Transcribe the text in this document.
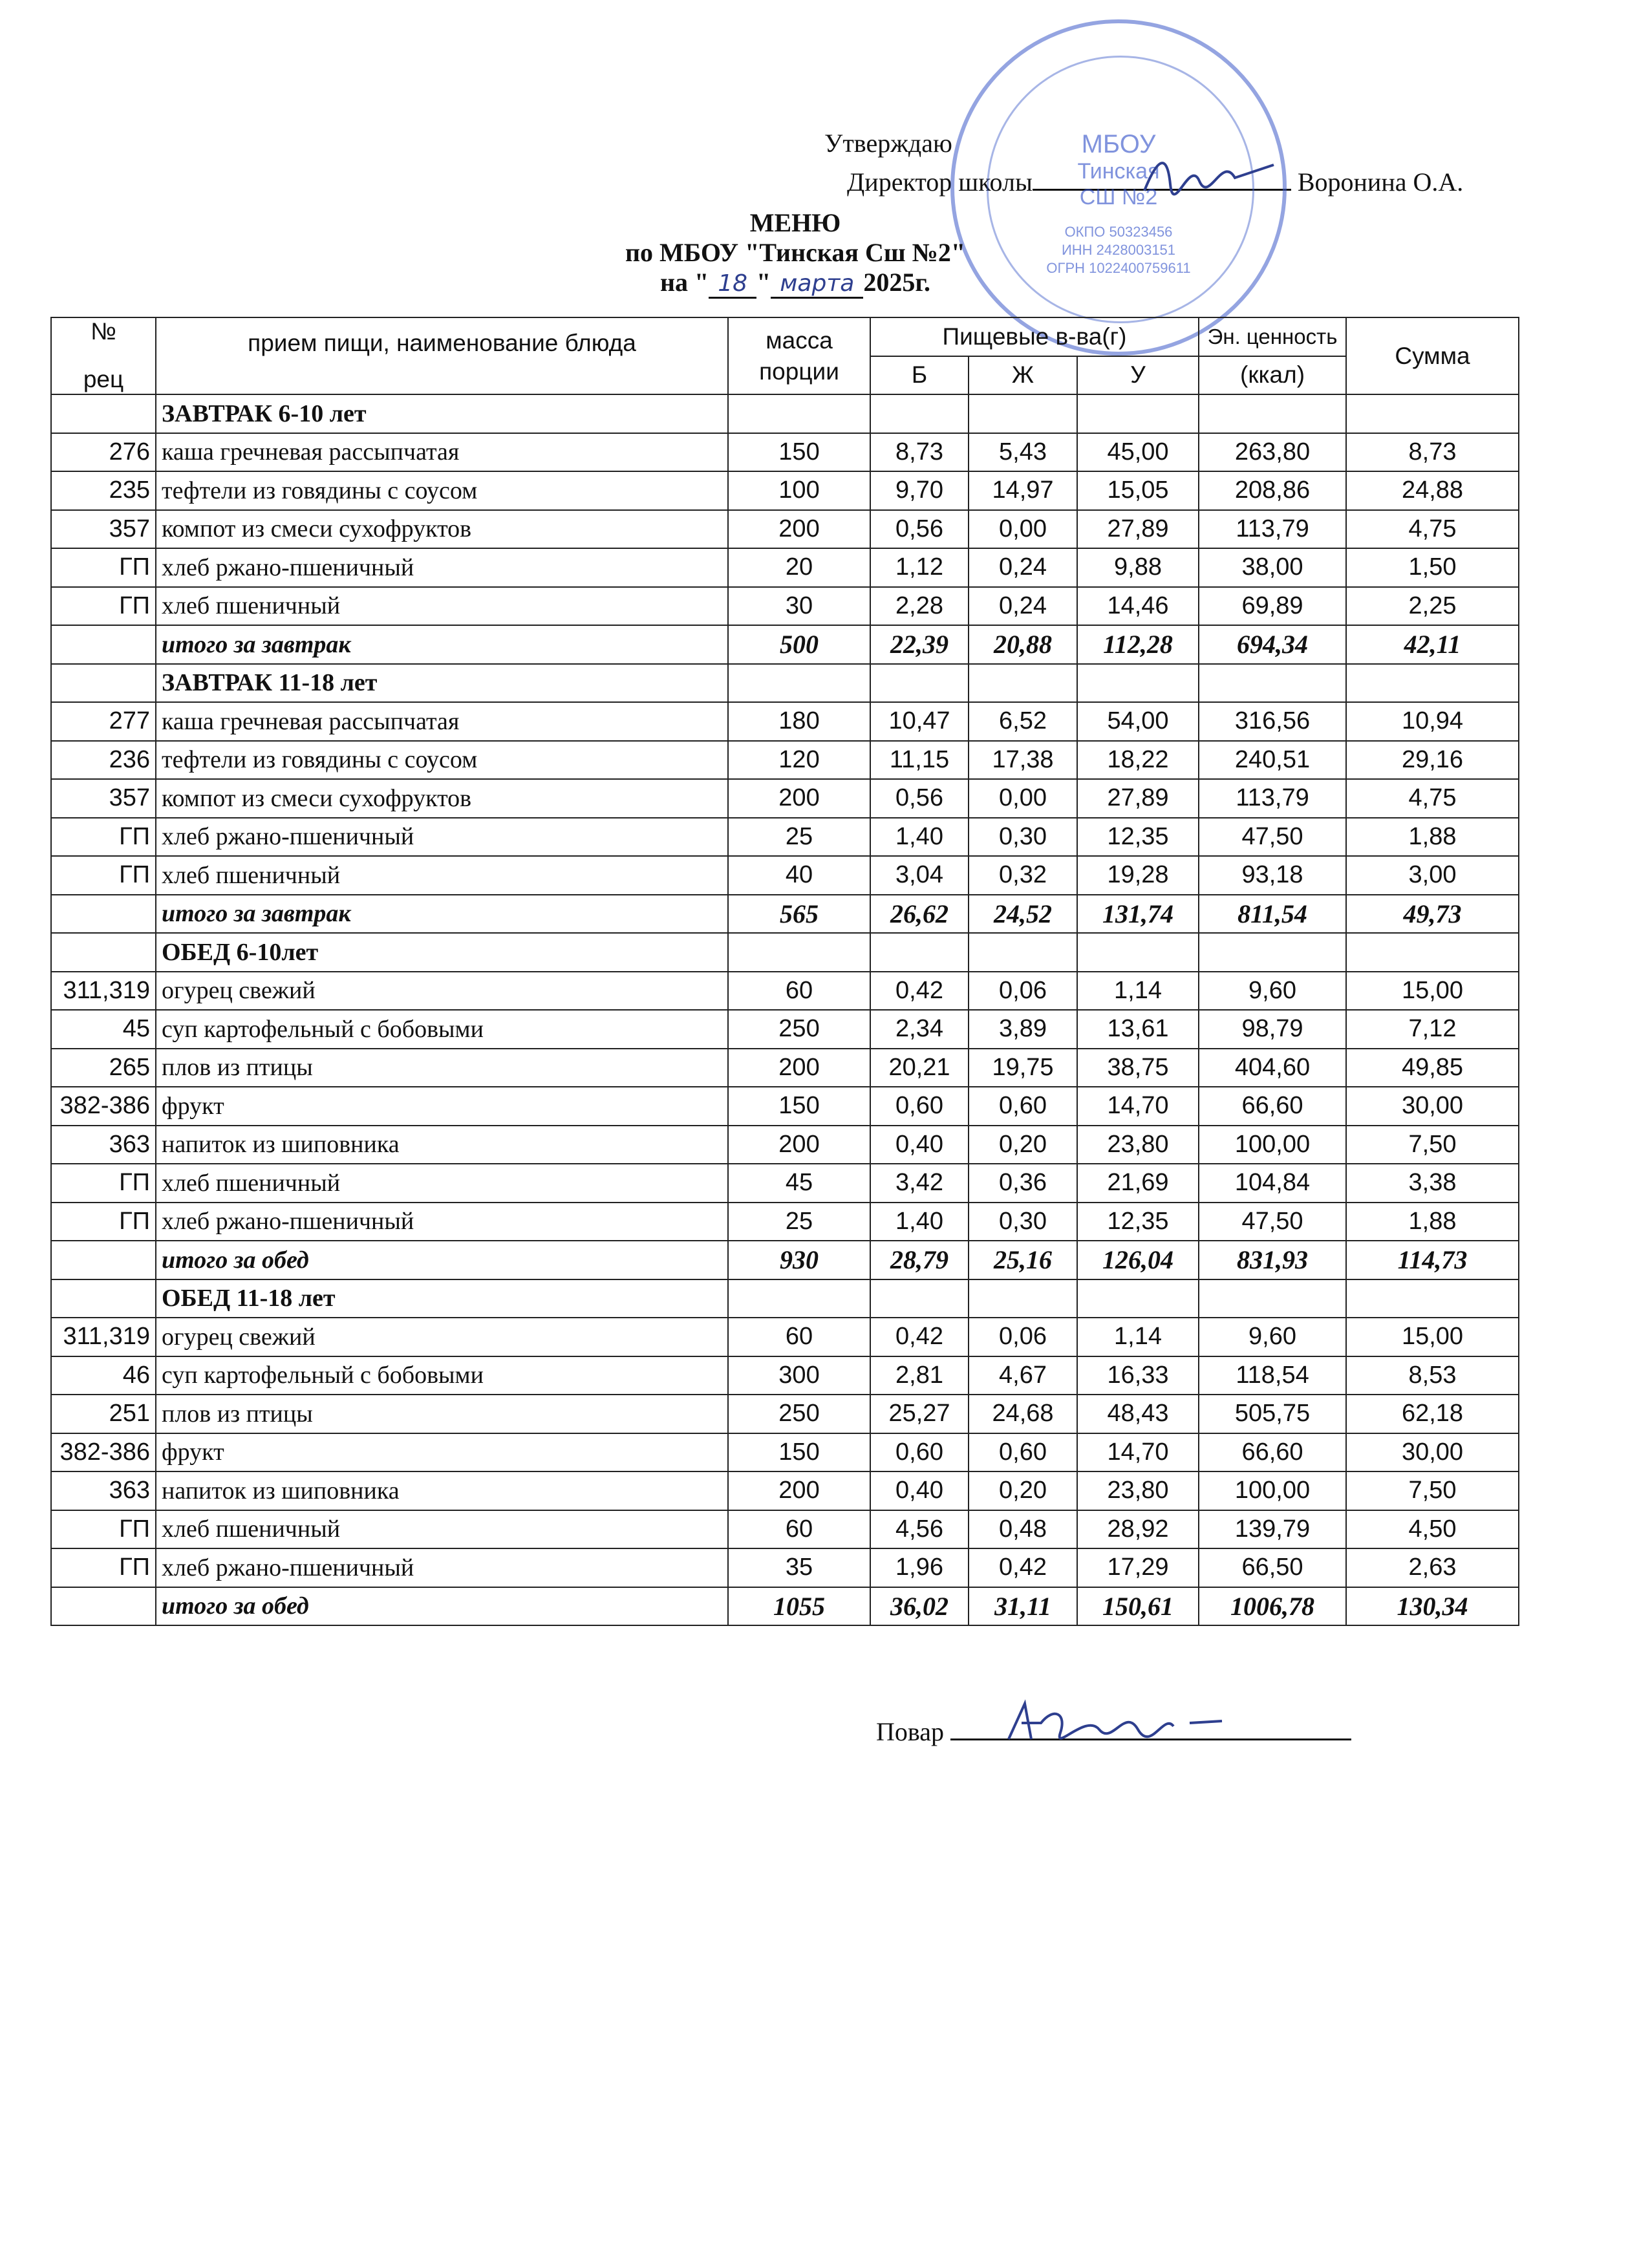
Утверждаю
Директор школы	Воронина О.А.
МБОУ
Тинская
СШ №2
ОКПО 50323456
ИНН 2428003151
ОГРН 1022400759611
МЕНЮ
по МБОУ "Тинская Сш №2"
на " 18 " марта 2025г.
№
рец	прием пищи, наименование блюда	масса порции	Пищевые в-ва(г)			Эн. ценность	Сумма
			Б	Ж	У	(ккал)	
	ЗАВТРАК 6-10 лет						
276	каша гречневая рассыпчатая	150	8,73	5,43	45,00	263,80	8,73
235	тефтели из говядины с соусом	100	9,70	14,97	15,05	208,86	24,88
357	компот из смеси сухофруктов	200	0,56	0,00	27,89	113,79	4,75
ГП	хлеб ржано-пшеничный	20	1,12	0,24	9,88	38,00	1,50
ГП	хлеб пшеничный	30	2,28	0,24	14,46	69,89	2,25
	итого за завтрак	500	22,39	20,88	112,28	694,34	42,11
	ЗАВТРАК 11-18 лет						
277	каша гречневая рассыпчатая	180	10,47	6,52	54,00	316,56	10,94
236	тефтели из говядины с соусом	120	11,15	17,38	18,22	240,51	29,16
357	компот из смеси сухофруктов	200	0,56	0,00	27,89	113,79	4,75
ГП	хлеб ржано-пшеничный	25	1,40	0,30	12,35	47,50	1,88
ГП	хлеб пшеничный	40	3,04	0,32	19,28	93,18	3,00
	итого за завтрак	565	26,62	24,52	131,74	811,54	49,73
	ОБЕД 6-10лет						
311,319	огурец свежий	60	0,42	0,06	1,14	9,60	15,00
45	суп картофельный с бобовыми	250	2,34	3,89	13,61	98,79	7,12
265	плов из птицы	200	20,21	19,75	38,75	404,60	49,85
382-386	фрукт	150	0,60	0,60	14,70	66,60	30,00
363	напиток из шиповника	200	0,40	0,20	23,80	100,00	7,50
ГП	хлеб пшеничный	45	3,42	0,36	21,69	104,84	3,38
ГП	хлеб ржано-пшеничный	25	1,40	0,30	12,35	47,50	1,88
	итого за обед	930	28,79	25,16	126,04	831,93	114,73
	ОБЕД 11-18 лет						
311,319	огурец свежий	60	0,42	0,06	1,14	9,60	15,00
46	суп картофельный с бобовыми	300	2,81	4,67	16,33	118,54	8,53
251	плов из птицы	250	25,27	24,68	48,43	505,75	62,18
382-386	фрукт	150	0,60	0,60	14,70	66,60	30,00
363	напиток из шиповника	200	0,40	0,20	23,80	100,00	7,50
ГП	хлеб пшеничный	60	4,56	0,48	28,92	139,79	4,50
ГП	хлеб ржано-пшеничный	35	1,96	0,42	17,29	66,50	2,63
	итого за обед	1055	36,02	31,11	150,61	1006,78	130,34
Повар
